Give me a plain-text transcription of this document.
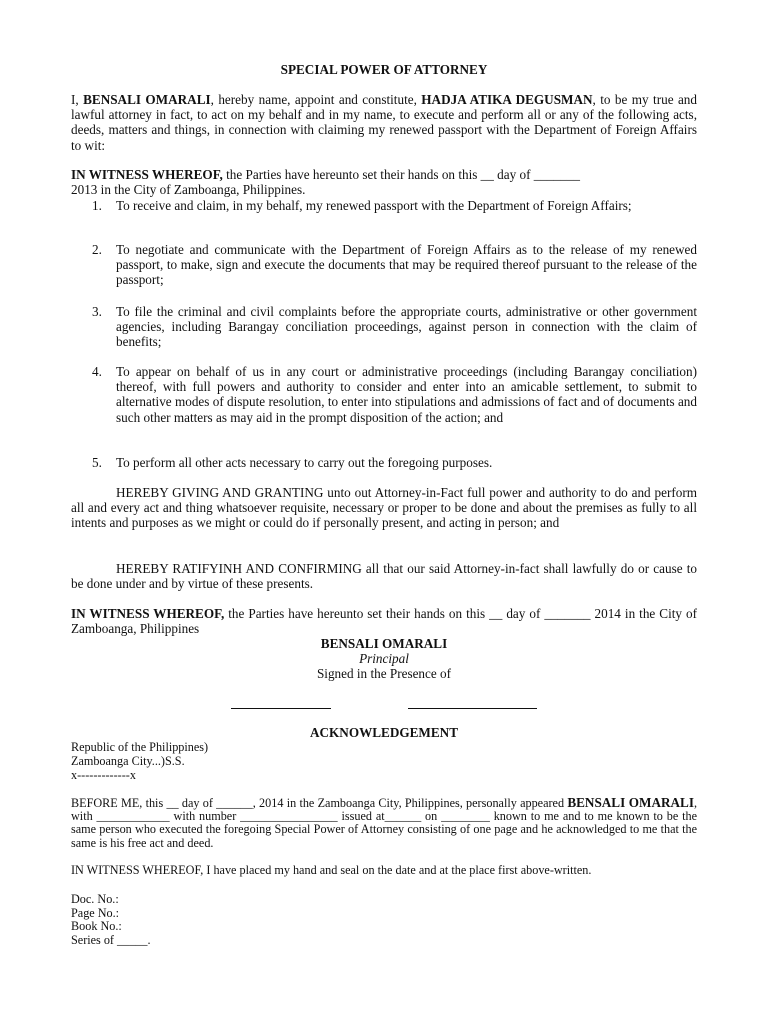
SPECIAL POWER OF ATTORNEY

I, BENSALI OMARALI, hereby name, appoint and constitute, HADJA ATIKA DEGUSMAN, to be my true and lawful attorney in fact, to act on my behalf and in my name, to execute and perform all or any of the following acts, deeds, matters and things, in connection with claiming my renewed passport with the Department of Foreign Affairs to wit:

IN WITNESS WHEREOF, the Parties have hereunto set their hands on this __ day of _______
2013 in the City of Zamboanga, Philippines.
1.	To receive and claim, in my behalf, my renewed passport with the Department of Foreign Affairs;
2.	To negotiate and communicate with the Department of Foreign Affairs as to the release of my renewed passport, to make, sign and execute the documents that may be required thereof pursuant to the release of the passport;
3.	To file the criminal and civil complaints before the appropriate courts, administrative or other government agencies, including Barangay conciliation proceedings, against person in connection with the claim of benefits;
4.	To appear on behalf of us in any court or administrative proceedings (including Barangay conciliation) thereof, with full powers and authority to consider and enter into an amicable settlement, to submit to alternative modes of dispute resolution, to enter into stipulations and admissions of fact and of documents and such other matters as may aid in the prompt disposition of the action; and
5.	To perform all other acts necessary to carry out the foregoing purposes.

HEREBY GIVING AND GRANTING unto out Attorney-in-Fact full power and authority to do and perform all and every act and thing whatsoever requisite, necessary or proper to be done and about the premises as fully to all intents and purposes as we might or could do if personally present, and acting in person; and

HEREBY RATIFYINH AND CONFIRMING all that our said Attorney-in-fact shall lawfully do or cause to be done under and by virtue of these presents.

IN WITNESS WHEREOF, the Parties have hereunto set their hands on this __ day of _______ 2014 in the City of Zamboanga, Philippines

BENSALI OMARALI
Principal
Signed in the Presence of
ACKNOWLEDGEMENT
Republic of the Philippines)
Zamboanga City...)S.S.
x-------------x

BEFORE ME, this __ day of ______, 2014 in the Zamboanga City, Philippines, personally appeared BENSALI OMARALI, with ____________ with number ________________ issued at______ on ________ known to me and to me known to be the same person who executed the foregoing Special Power of Attorney consisting of one page and he acknowledged to me that the same is his free act and deed.

IN WITNESS WHEREOF, I have placed my hand and seal on the date and at the place first above-written.
Doc. No.:
Page No.:
Book No.:
Series of _____.
